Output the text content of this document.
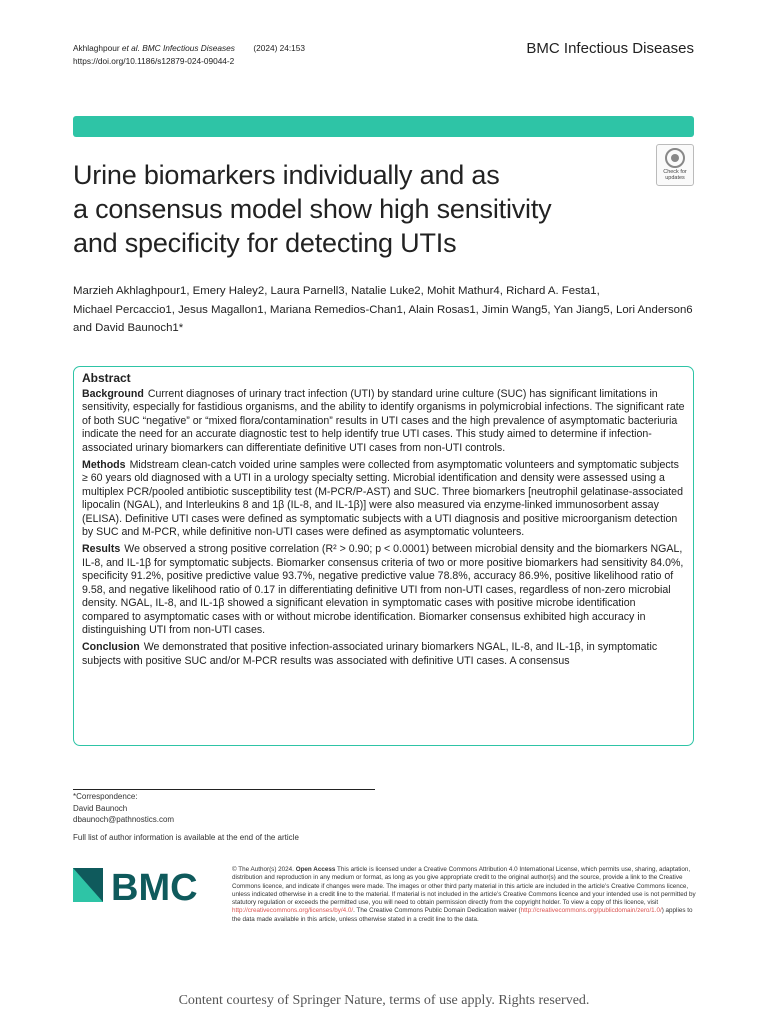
Akhlaghpour et al. BMC Infectious Diseases (2024) 24:153
https://doi.org/10.1186/s12879-024-09044-2
BMC Infectious Diseases
Check for
updates
Urine biomarkers individually and as
a consensus model show high sensitivity
and specificity for detecting UTIs
Marzieh Akhlaghpour1, Emery Haley2, Laura Parnell3, Natalie Luke2, Mohit Mathur4, Richard A. Festa1,
Michael Percaccio1, Jesus Magallon1, Mariana Remedios-Chan1, Alain Rosas1, Jimin Wang5, Yan Jiang5, Lori Anderson6
and David Baunoch1*
Abstract

Background Current diagnoses of urinary tract infection (UTI) by standard urine culture (SUC) has significant limitations in sensitivity, especially for fastidious organisms, and the ability to identify organisms in polymicrobial infections. The significant rate of both SUC “negative” or “mixed flora/contamination” results in UTI cases and the high prevalence of asymptomatic bacteriuria indicate the need for an accurate diagnostic test to help identify true UTI cases. This study aimed to determine if infection-associated urinary biomarkers can differentiate definitive UTI cases from non-UTI controls.

Methods Midstream clean-catch voided urine samples were collected from asymptomatic volunteers and symptomatic subjects ≥ 60 years old diagnosed with a UTI in a urology specialty setting. Microbial identification and density were assessed using a multiplex PCR/pooled antibiotic susceptibility test (M-PCR/P-AST) and SUC. Three biomarkers [neutrophil gelatinase-associated lipocalin (NGAL), and Interleukins 8 and 1β (IL-8, and IL-1β)] were also measured via enzyme-linked immunosorbent assay (ELISA). Definitive UTI cases were defined as symptomatic subjects with a UTI diagnosis and positive microorganism detection by SUC and M-PCR, while definitive non-UTI cases were defined as asymptomatic volunteers.

Results We observed a strong positive correlation (R² > 0.90; p < 0.0001) between microbial density and the biomarkers NGAL, IL-8, and IL-1β for symptomatic subjects. Biomarker consensus criteria of two or more positive biomarkers had sensitivity 84.0%, specificity 91.2%, positive predictive value 93.7%, negative predictive value 78.8%, accuracy 86.9%, positive likelihood ratio of 9.58, and negative likelihood ratio of 0.17 in differentiating definitive UTI from non-UTI cases, regardless of non-zero microbial density. NGAL, IL-8, and IL-1β showed a significant elevation in symptomatic cases with positive microbe identification compared to asymptomatic cases with or without microbe identification. Biomarker consensus exhibited high accuracy in distinguishing UTI from non-UTI cases.

Conclusion We demonstrated that positive infection-associated urinary biomarkers NGAL, IL-8, and IL-1β, in symptomatic subjects with positive SUC and/or M-PCR results was associated with definitive UTI cases. A consensus

*Correspondence:
David Baunoch
dbaunoch@pathnostics.com
Full list of author information is available at the end of the article
BMC	© The Author(s) 2024. Open Access This article is licensed under a Creative Commons Attribution 4.0 International License, which permits use, sharing, adaptation, distribution and reproduction in any medium or format, as long as you give appropriate credit to the original author(s) and the source, provide a link to the Creative Commons licence, and indicate if changes were made. The images or other third party material in this article are included in the article’s Creative Commons licence, unless indicated otherwise in a credit line to the material. If material is not included in the article’s Creative Commons licence and your intended use is not permitted by statutory regulation or exceeds the permitted use, you will need to obtain permission directly from the copyright holder. To view a copy of this licence, visit http://creativecommons.org/licenses/by/4.0/. The Creative Commons Public Domain Dedication waiver (http://creativecommons.org/publicdomain/zero/1.0/) applies to the data made available in this article, unless otherwise stated in a credit line to the data.
Content courtesy of Springer Nature, terms of use apply. Rights reserved.
